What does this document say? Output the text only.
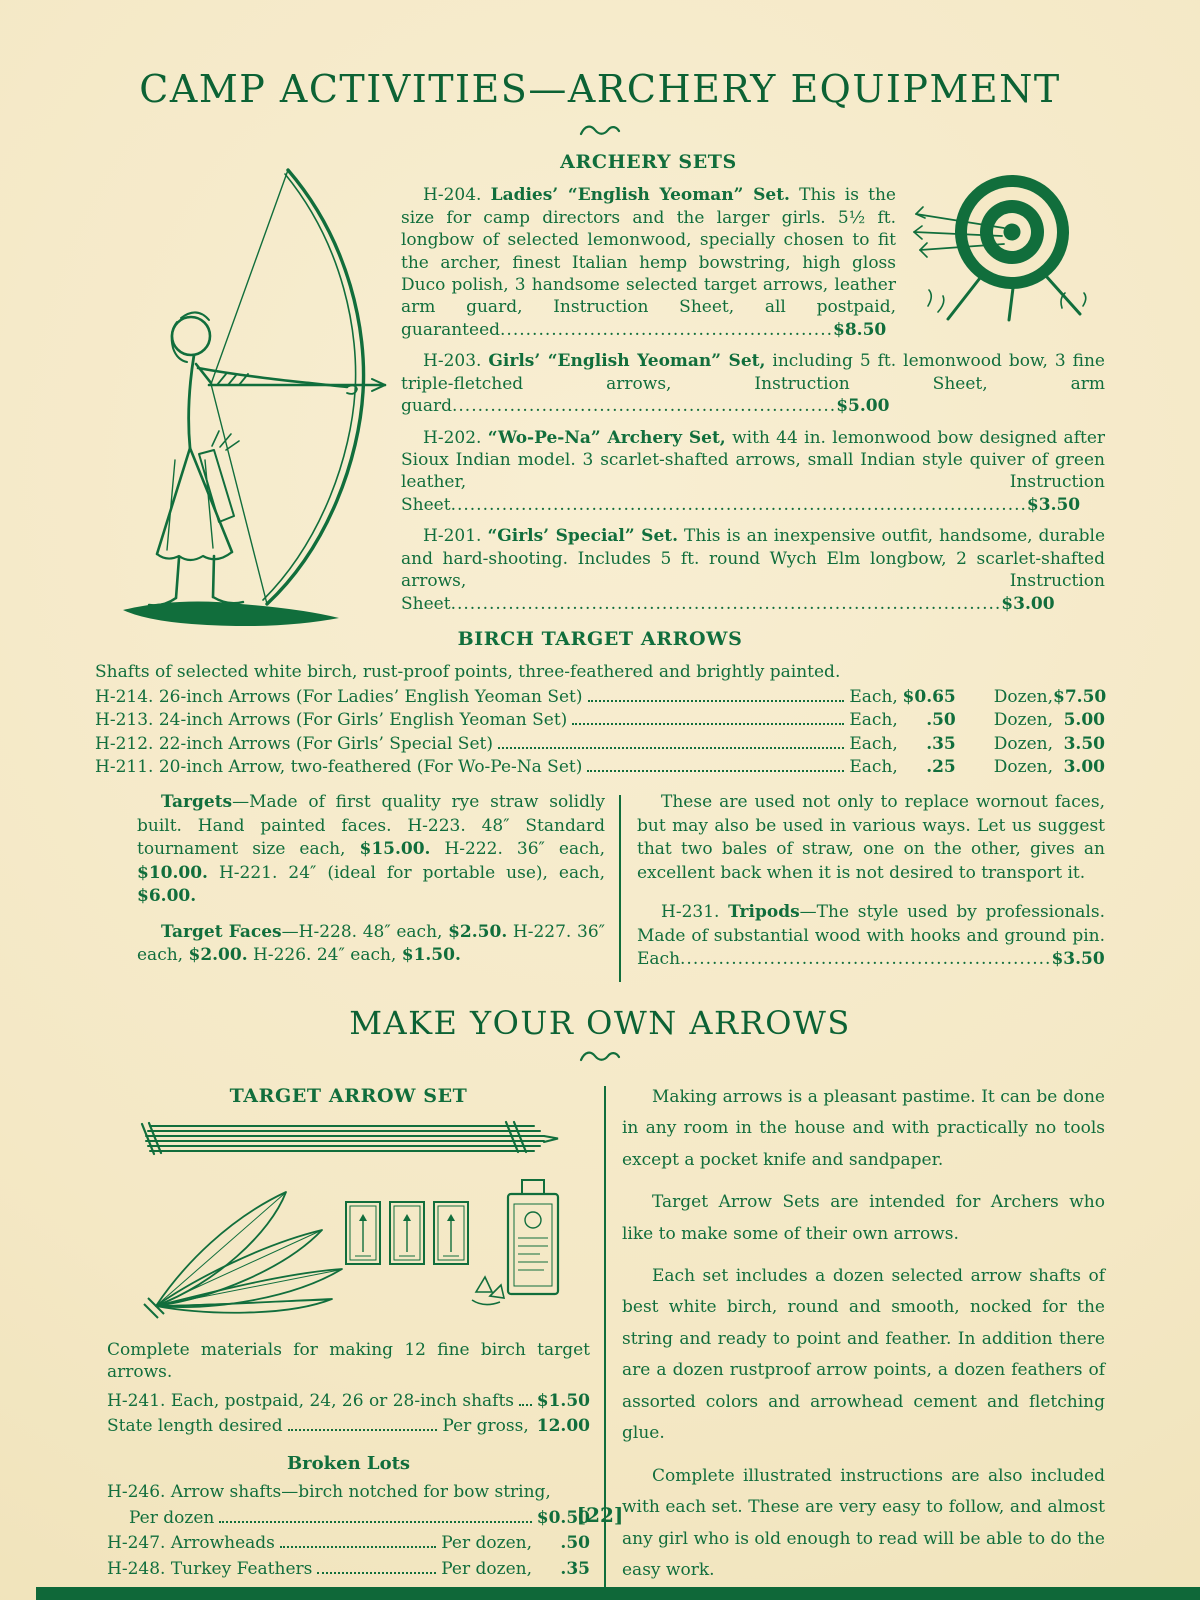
CAMP ACTIVITIES—ARCHERY EQUIPMENT
ARCHERY SETS

H-204. Ladies’ “English Yeoman” Set. This is the size for camp directors and the larger girls. 5½ ft. longbow of selected lemonwood, specially chosen to fit the archer, finest Italian hemp bowstring, high gloss Duco polish, 3 handsome selected target arrows, leather arm guard, Instruction Sheet, all postpaid, guaranteed....................................................$8.50

H-203. Girls’ “English Yeoman” Set, including 5 ft. lemonwood bow, 3 fine triple-fletched arrows, Instruction Sheet, arm guard............................................................$5.00

H-202. “Wo-Pe-Na” Archery Set, with 44 in. lemonwood bow designed after Sioux Indian model. 3 scarlet-shafted arrows, small Indian style quiver of green leather, Instruction Sheet..........................................................................................$3.50

H-201. “Girls’ Special” Set. This is an inexpensive outfit, handsome, durable and hard-shooting. Includes 5 ft. round Wych Elm longbow, 2 scarlet-shafted arrows, Instruction Sheet......................................................................................$3.00

BIRCH TARGET ARROWS

Shafts of selected white birch, rust-proof points, three-feathered and brightly painted.

H-214. 26-inch Arrows (For Ladies’ English Yeoman Set)	Each, $0.65 Dozen, $7.50
H-213. 24-inch Arrows (For Girls’ English Yeoman Set)	Each,	.50 Dozen, 5.00
H-212. 22-inch Arrows (For Girls’ Special Set)	Each,	.35 Dozen, 3.50
H-211. 20-inch Arrow, two-feathered (For Wo-Pe-Na Set)	Each,	.25 Dozen, 3.00

Targets—Made of first quality rye straw solidly built. Hand painted faces. H-223. 48″ Standard tournament size each, $15.00. H-222. 36″ each, $10.00. H-221. 24″ (ideal for portable use), each, $6.00.

Target Faces—H-228. 48″ each, $2.50. H-227. 36″ each, $2.00. H-226. 24″ each, $1.50.

These are used not only to replace wornout faces, but may also be used in various ways. Let us suggest that two bales of straw, one on the other, gives an excellent back when it is not desired to transport it.

H-231. Tripods—The style used by professionals. Made of substantial wood with hooks and ground pin. Each..........................................................$3.50

MAKE YOUR OWN ARROWS
TARGET ARROW SET

Complete materials for making 12 fine birch target arrows.

H-241. Each, postpaid, 24, 26 or 28-inch shafts $1.50
State length desired	Per gross, 12.00
Broken Lots
H-246. Arrow shafts—birch notched for bow string,
Per dozen	$0.50
H-247. Arrowheads	Per dozen,	.50
H-248. Turkey Feathers	Per dozen,	.35

Making arrows is a pleasant pastime. It can be done in any room in the house and with practically no tools except a pocket knife and sandpaper.

Target Arrow Sets are intended for Archers who like to make some of their own arrows.

Each set includes a dozen selected arrow shafts of best white birch, round and smooth, nocked for the string and ready to point and feather. In addition there are a dozen rustproof arrow points, a dozen feathers of assorted colors and arrowhead cement and fletching glue.

Complete illustrated instructions are also included with each set. These are very easy to follow, and almost any girl who is old enough to read will be able to do the easy work.

[22]
